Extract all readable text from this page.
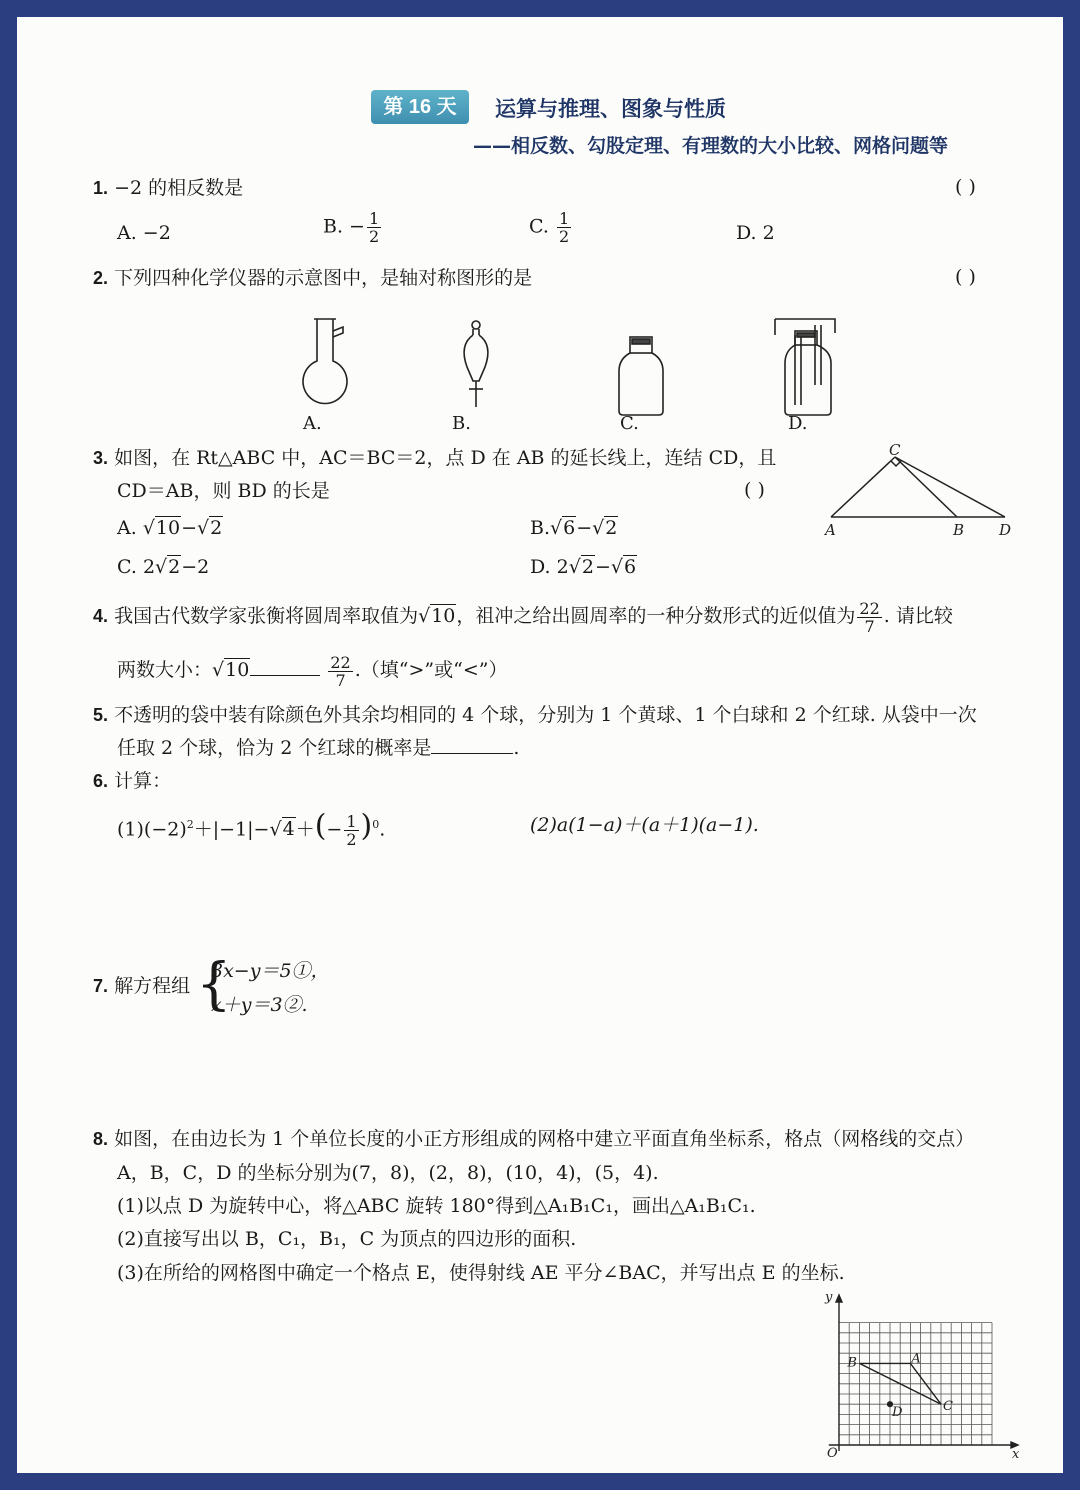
第 16 天	运算与推理、图象与性质
——相反数、勾股定理、有理数的大小比较、网格问题等
1. −2 的相反数是	( )
A. −2	B. − $\frac{1}{2}$	C. $\frac{1}{2}$	D. 2
2. 下列四种化学仪器的示意图中，是轴对称图形的是	( )
A.	B.	C.	D.
3. 如图，在 Rt△ABC 中，AC＝BC＝2，点 D 在 AB 的延长线上，连结 CD，且
CD＝AB，则 BD 的长是	( )
A. √10−√2	B.√6−√2
C. 2√2−2	D. 2√2−√6
A	B
C
D
4. 我国古代数学家张衡将圆周率取值为√10，祖冲之给出圆周率的一种分数形式的近似值为 $\frac{22}{7}$ . 请比较
两数大小：√10	$\frac{22}{7}$ .（填“>”或“<”）
5. 不透明的袋中装有除颜色外其余均相同的 4 个球，分别为 1 个黄球、1 个白球和 2 个红球. 从袋中一次
任取 2 个球，恰为 2 个红球的概率是	.
6. 计算：
$(1)(-2)^2+|-1|-√4+(- \frac{1}{2} )^0$.	(2)a(1−a)＋(a＋1)(a−1).
7. 解方程组 {
3x−y＝5①，
x＋y＝3②.
8. 如图，在由边长为 1 个单位长度的小正方形组成的网格中建立平面直角坐标系，格点（网格线的交点）
A，B，C，D 的坐标分别为(7，8)，(2，8)，(10，4)，(5，4).
(1)以点 D 为旋转中心，将△ABC 旋转 180°得到△A₁B₁C₁，画出△A₁B₁C₁.
(2)直接写出以 B，C₁，B₁，C 为顶点的四边形的面积.
(3)在所给的网格图中确定一个格点 E，使得射线 AE 平分∠BAC，并写出点 E 的坐标.
A
B
C
D
x
y
O
